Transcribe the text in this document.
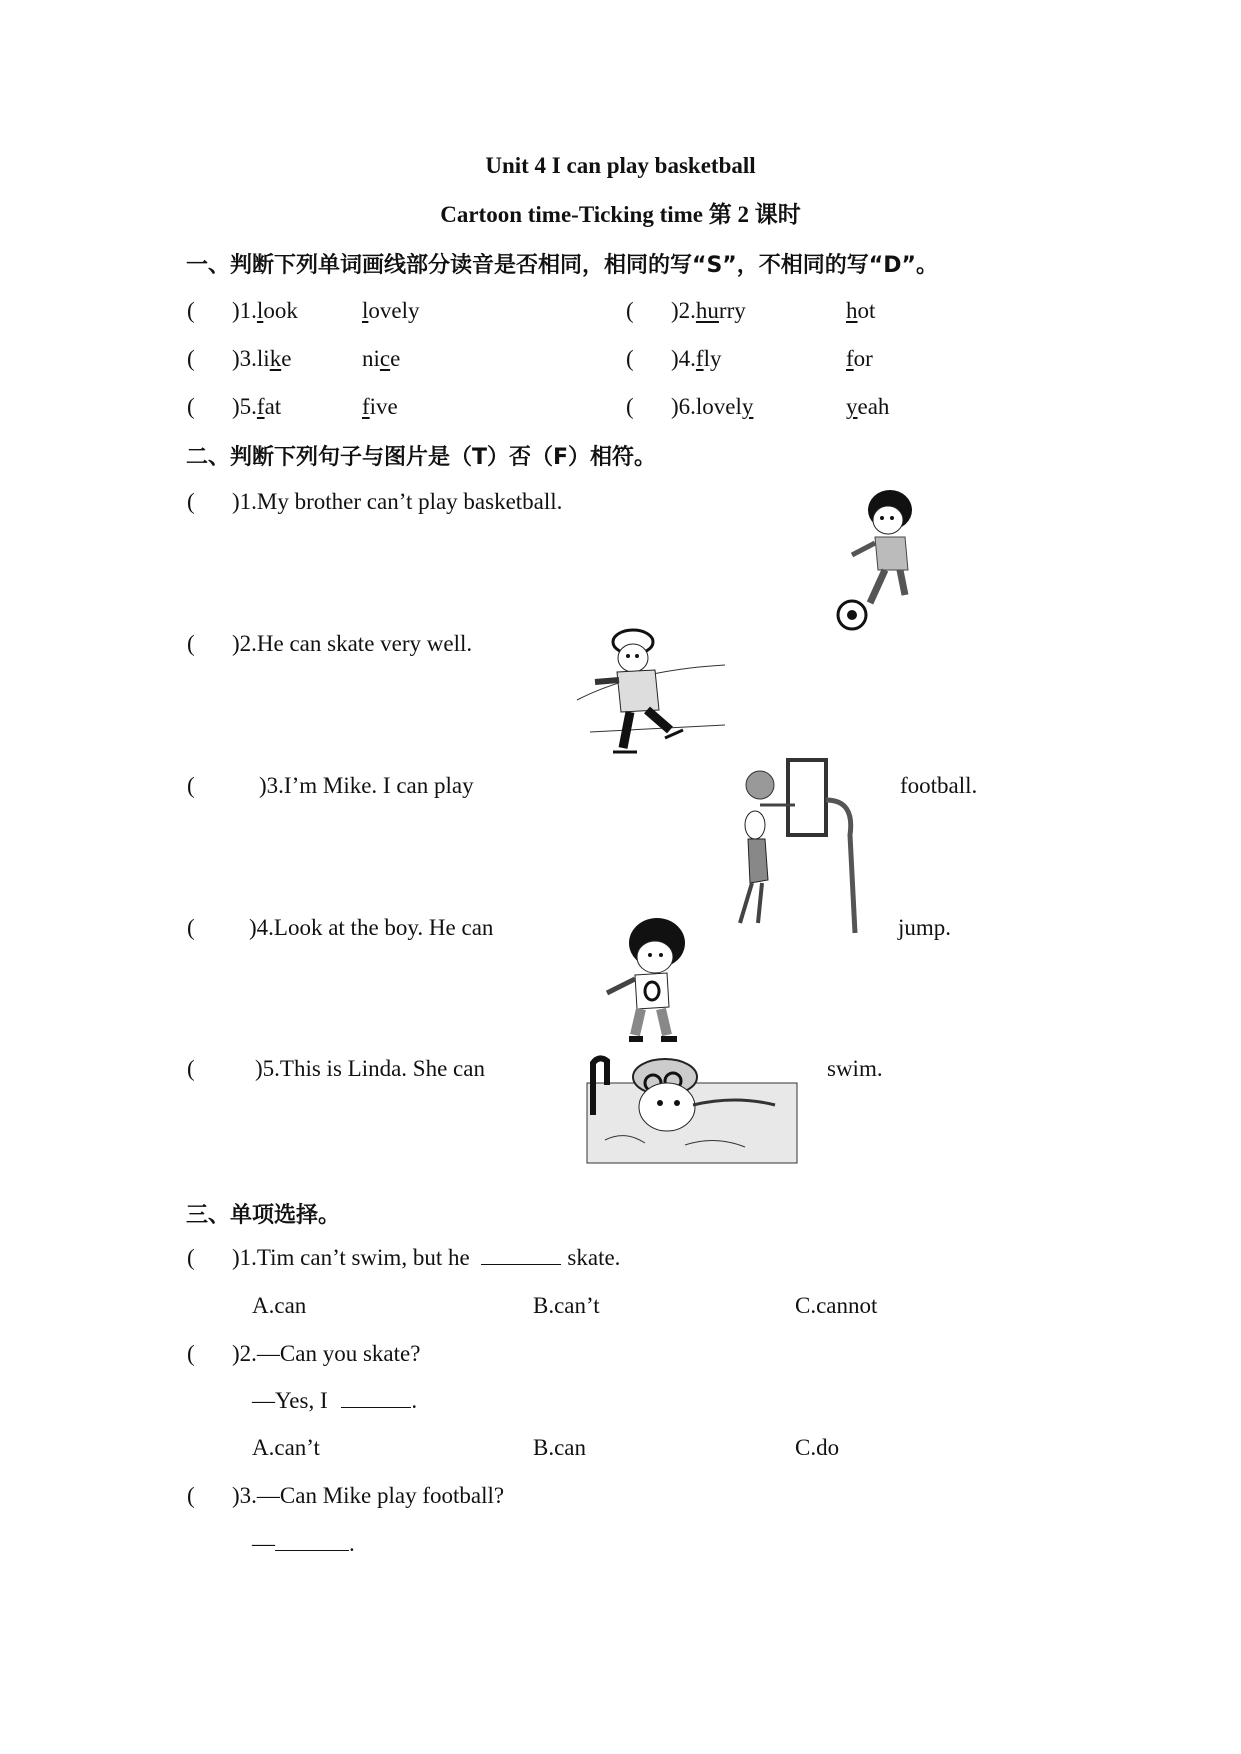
Unit 4 I can play basketball
Cartoon time-Ticking time 第 2 课时
一、判断下列单词画线部分读音是否相同，相同的写“S”，不相同的写“D”。
( )1.look	lovely	( )2.hurry	hot
( )3.like	nice	( )4.fly	for
( )5.fat	five	( )6.lovely	yeah
二、判断下列句子与图片是（T）否（F）相符。
( )1.My brother can’t play basketball.
( )2.He can skate very well.
(	)3.I’m Mike. I can play	football.
( )4.Look at the boy. He can	jump.
(	)5.This is Linda. She can	swim.
三、单项选择。
( )1.Tim can’t swim, but he	skate.
A.can	B.can’t	C.cannot
( )2.—Can you skate?
—Yes, I	.
A.can’t	B.can	C.do
( )3.—Can Mike play football?
—	.
